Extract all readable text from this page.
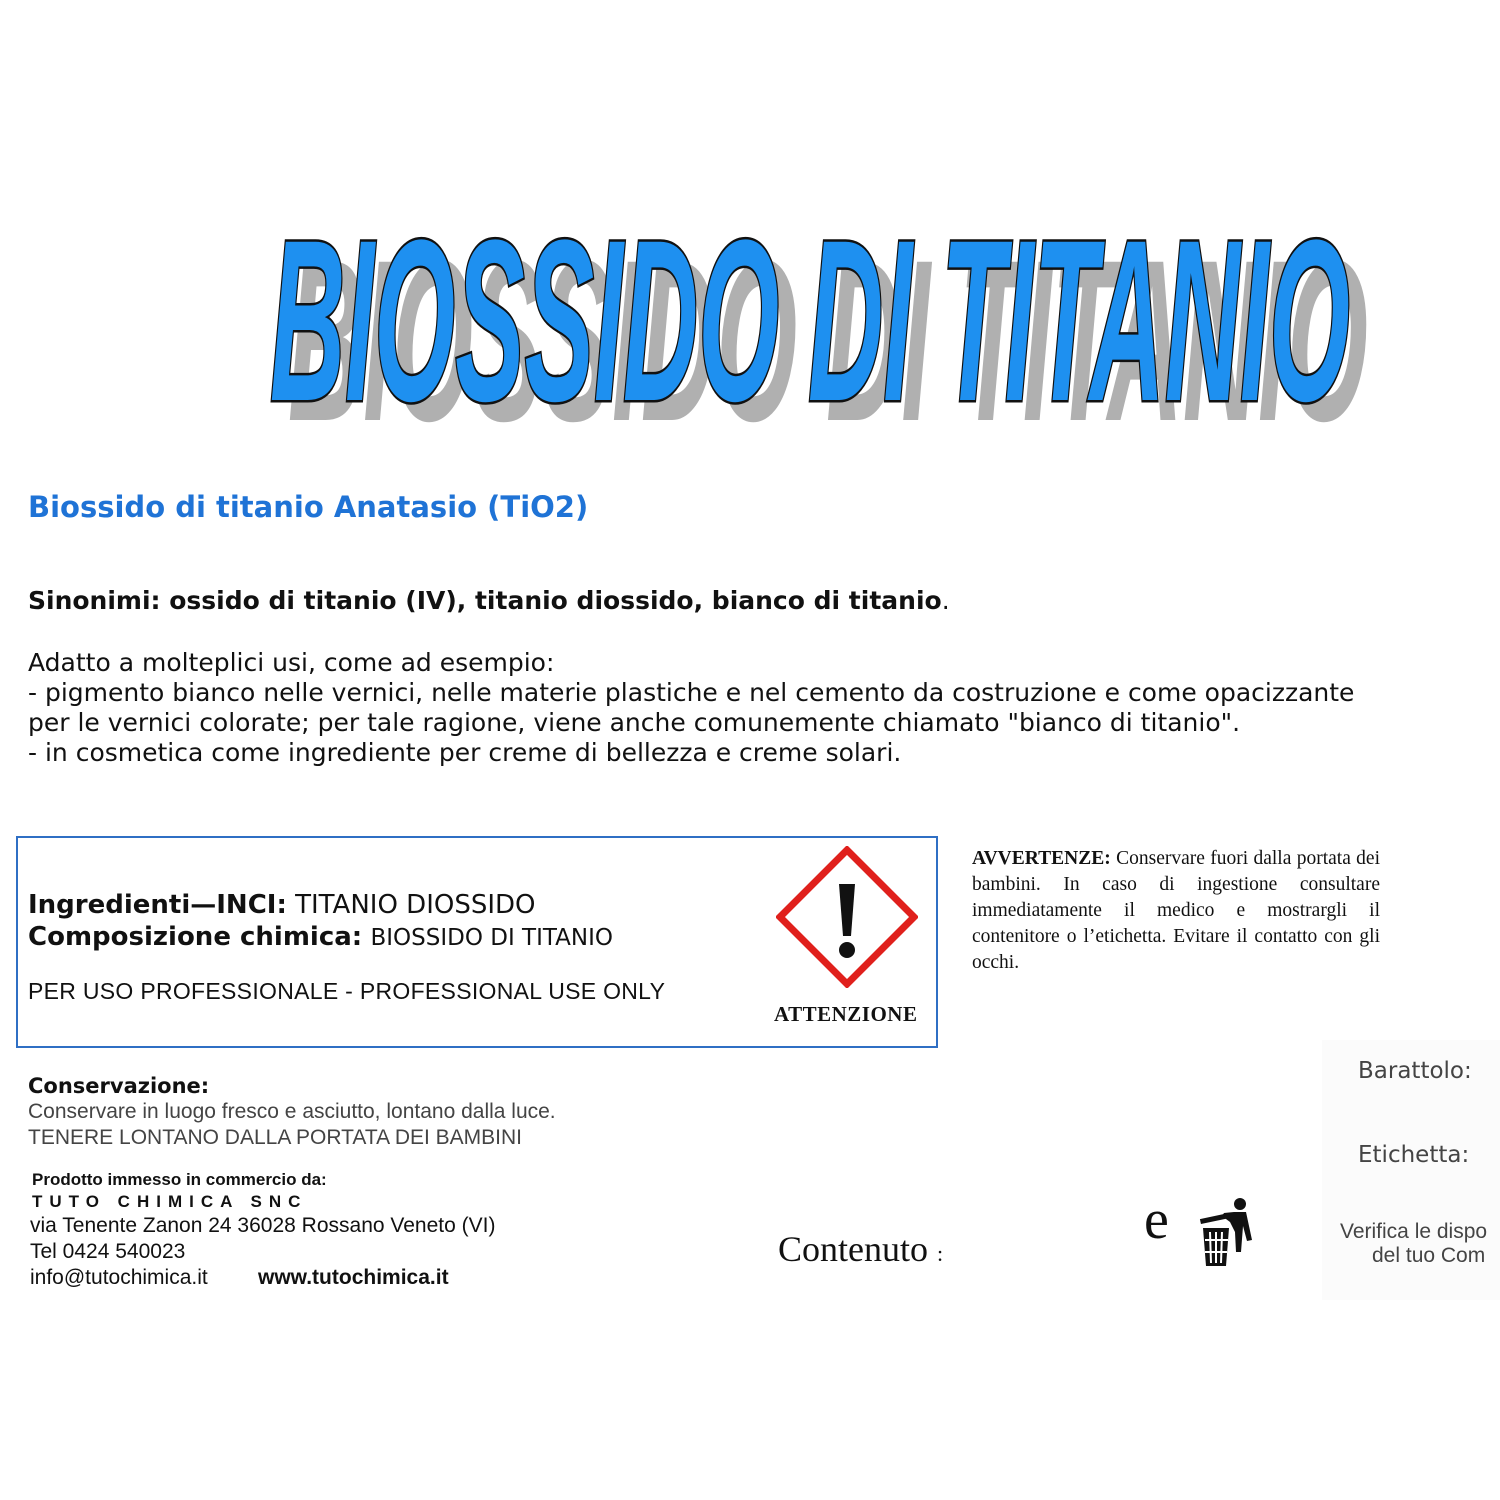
BIOSSIDO DI TITANIO
BIOSSIDO DI TITANIO
Biossido di titanio Anatasio (TiO2)
Sinonimi: ossido di titanio (IV), titanio diossido, bianco di titanio.
Adatto a molteplici usi, come ad esempio:
- pigmento bianco nelle vernici, nelle materie plastiche e nel cemento da costruzione e come opacizzante
per le vernici colorate; per tale ragione, viene anche comunemente chiamato "bianco di titanio".
- in cosmetica come ingrediente per creme di bellezza e creme solari.
Ingredienti—INCI: TITANIO DIOSSIDO
Composizione chimica: BIOSSIDO DI TITANIO
PER USO PROFESSIONALE - PROFESSIONAL USE ONLY
ATTENZIONE
AVVERTENZE: Conservare fuori dalla portata dei bambini. In caso di ingestione consultare immediatamente il medico e mostrargli il contenitore o l’etichetta. Evitare il contatto con gli occhi.
Conservazione:
Conservare in luogo fresco e asciutto, lontano dalla luce.
TENERE LONTANO DALLA PORTATA DEI BAMBINI
Prodotto immesso in commercio da:
TUTO CHIMICA SNC
via Tenente Zanon 24 36028 Rossano Veneto (VI)
Tel 0424 540023
info@tutochimica.it www.tutochimica.it
Contenuto :
e
Barattolo:
Etichetta:
Verifica le dispo
del tuo Com
